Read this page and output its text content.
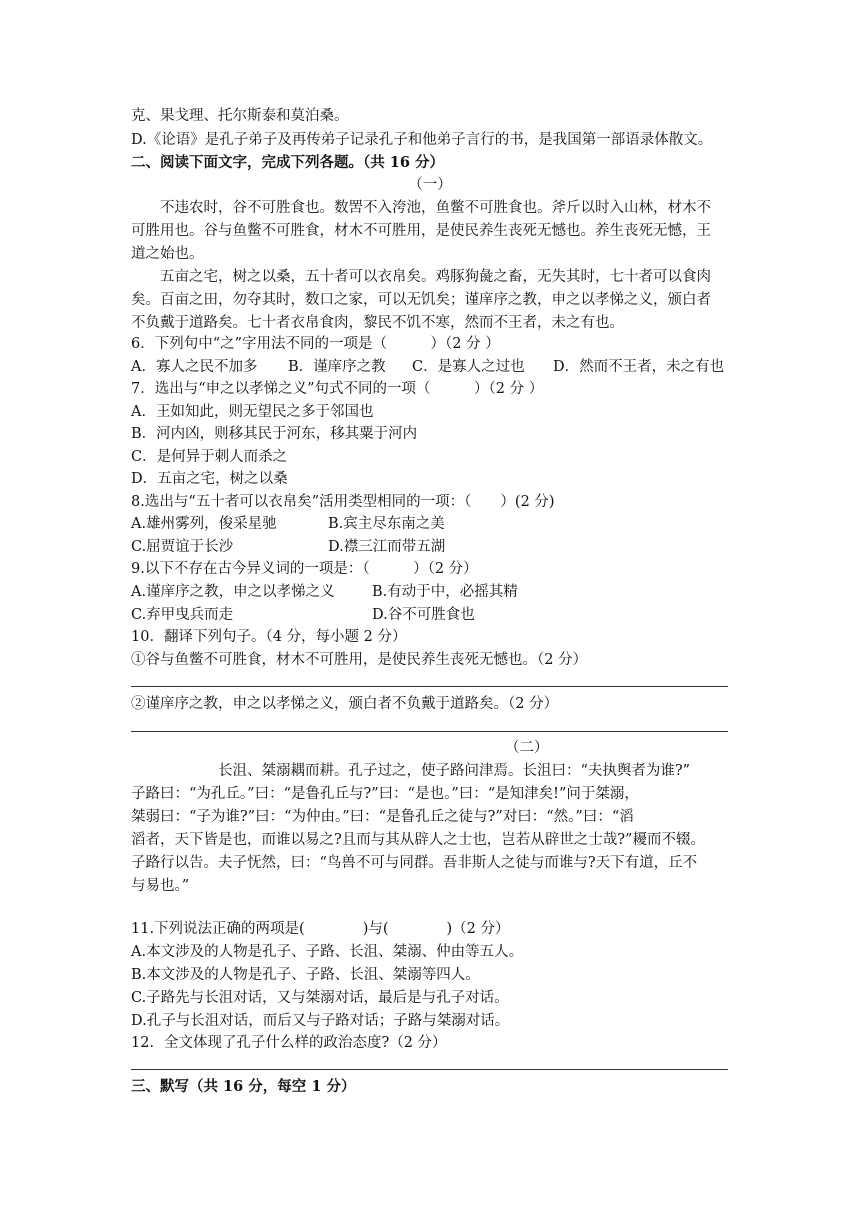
克、果戈理、托尔斯泰和莫泊桑。
D.《论语》是孔子弟子及再传弟子记录孔子和他弟子言行的书，是我国第一部语录体散文。
二、阅读下面文字，完成下列各题。（共 16 分）
（一）
　　不违农时，谷不可胜食也。数罟不入洿池，鱼鳖不可胜食也。斧斤以时入山林，材木不
可胜用也。谷与鱼鳖不可胜食，材木不可胜用，是使民养生丧死无憾也。养生丧死无憾，王
道之始也。
　　五亩之宅，树之以桑，五十者可以衣帛矣。鸡豚狗彘之畜，无失其时，七十者可以食肉
矣。百亩之田，勿夺其时，数口之家，可以无饥矣；谨庠序之教，申之以孝悌之义，颁白者
不负戴于道路矣。七十者衣帛食肉，黎民不饥不寒，然而不王者，未之有也。
6．下列句中“之”字用法不同的一项是（　　　）（2 分 ）
A．寡人之民不加多 B．谨庠序之教 C．是寡人之过也 D．然而不王者，未之有也
7．选出与“申之以孝悌之义”句式不同的一项（　　　）（2 分 ）
A．王如知此，则无望民之多于邻国也
B．河内凶，则移其民于河东，移其粟于河内
C．是何异于刺人而杀之
D．五亩之宅，树之以桑
8.选出与“五十者可以衣帛矣”活用类型相同的一项：（　　）(2 分)
A.雄州雾列，俊采星驰	B.宾主尽东南之美
C.屈贾谊于长沙	D.襟三江而带五湖
9.以下不存在古今异义词的一项是：（　　　）（2 分）
A.谨庠序之教，申之以孝悌之义	B.有动于中，必摇其精
C.弃甲曳兵而走	D.谷不可胜食也
10．翻译下列句子。（4 分，每小题 2 分）
①谷与鱼鳖不可胜食，材木不可胜用，是使民养生丧死无憾也。（2 分）
②谨庠序之教，申之以孝悌之义，颁白者不负戴于道路矣。（2 分）
（二）
　　　　　　长沮、桀溺耦而耕。孔子过之，使子路问津焉。长沮曰：“夫执舆者为谁?”
子路曰：“为孔丘。”曰：“是鲁孔丘与?”曰：“是也。”曰：“是知津矣!”问于桀溺，
桀弱曰：“子为谁?”曰：“为仲由。”曰：“是鲁孔丘之徒与?”对曰：“然。”曰：“滔
滔者，天下皆是也，而谁以易之?且而与其从辟人之士也，岂若从辟世之士哉?”耰而不辍。
子路行以告。夫子怃然，曰：“鸟兽不可与同群。吾非斯人之徒与而谁与?天下有道，丘不
与易也。”
11.下列说法正确的两项是(　　　　)与(　　　　)（2 分）
A.本文涉及的人物是孔子、子路、长沮、桀溺、仲由等五人。
B.本文涉及的人物是孔子、子路、长沮、桀溺等四人。
C.子路先与长沮对话，又与桀溺对话，最后是与孔子对话。
D.孔子与长沮对话，而后又与子路对话；子路与桀溺对话。
12．全文体现了孔子什么样的政治态度?（2 分）
三、默写（共 16 分，每空 1 分）
